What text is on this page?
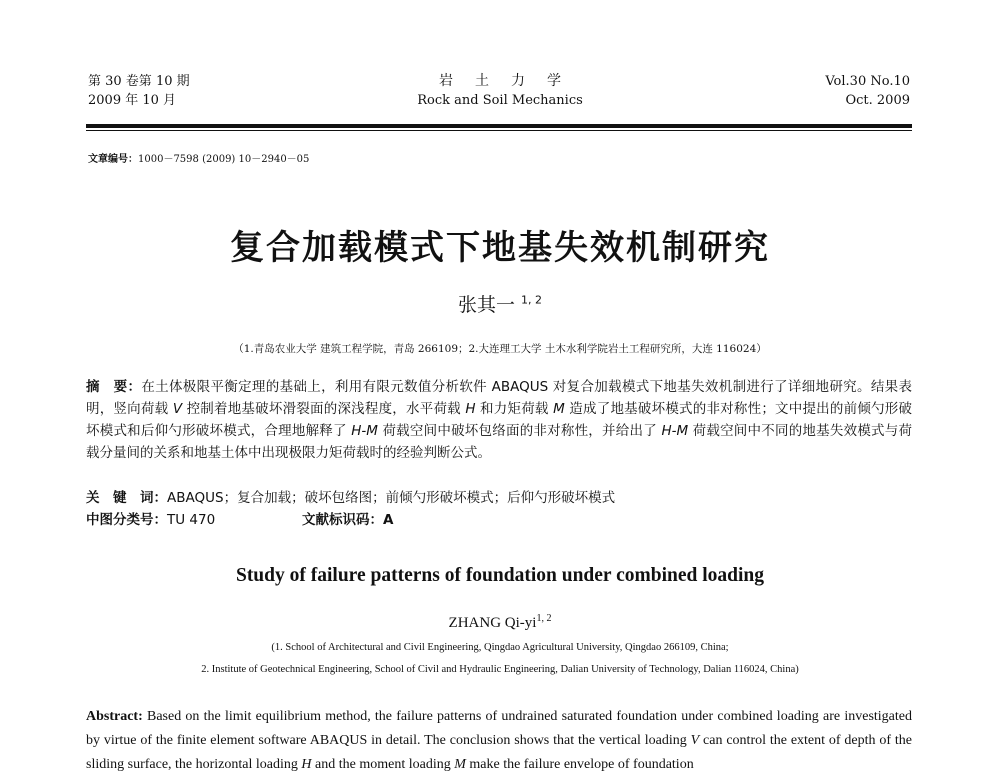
第 30 卷第 10 期
2009 年 10 月
岩土力学
Rock and Soil Mechanics
Vol.30 No.10
Oct. 2009
文章编号：1000－7598 (2009) 10－2940－05
复合加载模式下地基失效机制研究
张其一 $^{1, 2}$
（1.青岛农业大学 建筑工程学院，青岛 266109；2.大连理工大学 土木水利学院岩土工程研究所，大连 116024）
摘　要：在土体极限平衡定理的基础上，利用有限元数值分析软件 ABAQUS 对复合加载模式下地基失效机制进行了详细地研究。结果表明，竖向荷载 V 控制着地基破坏滑裂面的深浅程度，水平荷载 H 和力矩荷载 M 造成了地基破坏模式的非对称性；文中提出的前倾勺形破坏模式和后仰勺形破坏模式，合理地解释了 H-M 荷载空间中破坏包络面的非对称性，并给出了 H-M 荷载空间中不同的地基失效模式与荷载分量间的关系和地基土体中出现极限力矩荷载时的经验判断公式。
关　键　词：ABAQUS；复合加载；破坏包络图；前倾勺形破坏模式；后仰勺形破坏模式
中图分类号：TU 470	文献标识码：A
Study of failure patterns of foundation under combined loading
ZHANG Qi-yi$^{1, 2}$
(1. School of Architectural and Civil Engineering, Qingdao Agricultural University, Qingdao 266109, China;
2. Institute of Geotechnical Engineering, School of Civil and Hydraulic Engineering, Dalian University of Technology, Dalian 116024, China)
Abstract: Based on the limit equilibrium method, the failure patterns of undrained saturated foundation under combined loading are investigated by virtue of the finite element software ABAQUS in detail. The conclusion shows that the vertical loading V can control the extent of depth of the sliding surface, the horizontal loading H and the moment loading M make the failure envelope of foundation
